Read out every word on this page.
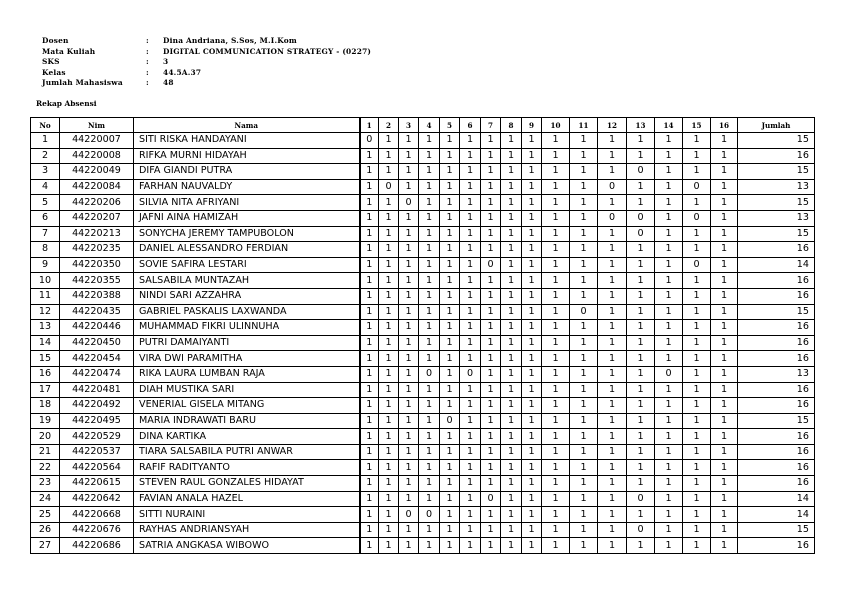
Dosen	:	Dina Andriana, S.Sos, M.I.Kom
Mata Kuliah	:	DIGITAL COMMUNICATION STRATEGY - (0227)
SKS	:	3
Kelas	:	44.5A.37
Jumlah Mahasiswa	:	48
Rekap Absensi
No	Nim	Nama	1	2	3	4	5	6	7	8	9	10	11	12	13	14	15	16	Jumlah
1	44220007	SITI RISKA HANDAYANI	0	1	1	1	1	1	1	1	1	1	1	1	1	1	1	1	15
2	44220008	RIFKA MURNI HIDAYAH	1	1	1	1	1	1	1	1	1	1	1	1	1	1	1	1	16
3	44220049	DIFA GIANDI PUTRA	1	1	1	1	1	1	1	1	1	1	1	1	0	1	1	1	15
4	44220084	FARHAN NAUVALDY	1	0	1	1	1	1	1	1	1	1	1	0	1	1	0	1	13
5	44220206	SILVIA NITA AFRIYANI	1	1	0	1	1	1	1	1	1	1	1	1	1	1	1	1	15
6	44220207	JAFNI AINA HAMIZAH	1	1	1	1	1	1	1	1	1	1	1	0	0	1	0	1	13
7	44220213	SONYCHA JEREMY TAMPUBOLON	1	1	1	1	1	1	1	1	1	1	1	1	0	1	1	1	15
8	44220235	DANIEL ALESSANDRO FERDIAN	1	1	1	1	1	1	1	1	1	1	1	1	1	1	1	1	16
9	44220350	SOVIE SAFIRA LESTARI	1	1	1	1	1	1	0	1	1	1	1	1	1	1	0	1	14
10	44220355	SALSABILA MUNTAZAH	1	1	1	1	1	1	1	1	1	1	1	1	1	1	1	1	16
11	44220388	NINDI SARI AZZAHRA	1	1	1	1	1	1	1	1	1	1	1	1	1	1	1	1	16
12	44220435	GABRIEL PASKALIS LAXWANDA	1	1	1	1	1	1	1	1	1	1	0	1	1	1	1	1	15
13	44220446	MUHAMMAD FIKRI ULINNUHA	1	1	1	1	1	1	1	1	1	1	1	1	1	1	1	1	16
14	44220450	PUTRI DAMAIYANTI	1	1	1	1	1	1	1	1	1	1	1	1	1	1	1	1	16
15	44220454	VIRA DWI PARAMITHA	1	1	1	1	1	1	1	1	1	1	1	1	1	1	1	1	16
16	44220474	RIKA LAURA LUMBAN RAJA	1	1	1	0	1	0	1	1	1	1	1	1	1	0	1	1	13
17	44220481	DIAH MUSTIKA SARI	1	1	1	1	1	1	1	1	1	1	1	1	1	1	1	1	16
18	44220492	VENERIAL GISELA MITANG	1	1	1	1	1	1	1	1	1	1	1	1	1	1	1	1	16
19	44220495	MARIA INDRAWATI BARU	1	1	1	1	0	1	1	1	1	1	1	1	1	1	1	1	15
20	44220529	DINA KARTIKA	1	1	1	1	1	1	1	1	1	1	1	1	1	1	1	1	16
21	44220537	TIARA SALSABILA PUTRI ANWAR	1	1	1	1	1	1	1	1	1	1	1	1	1	1	1	1	16
22	44220564	RAFIF RADITYANTO	1	1	1	1	1	1	1	1	1	1	1	1	1	1	1	1	16
23	44220615	STEVEN RAUL GONZALES HIDAYAT	1	1	1	1	1	1	1	1	1	1	1	1	1	1	1	1	16
24	44220642	FAVIAN ANALA HAZEL	1	1	1	1	1	1	0	1	1	1	1	1	0	1	1	1	14
25	44220668	SITTI NURAINI	1	1	0	0	1	1	1	1	1	1	1	1	1	1	1	1	14
26	44220676	RAYHAS ANDRIANSYAH	1	1	1	1	1	1	1	1	1	1	1	1	0	1	1	1	15
27	44220686	SATRIA ANGKASA WIBOWO	1	1	1	1	1	1	1	1	1	1	1	1	1	1	1	1	16
